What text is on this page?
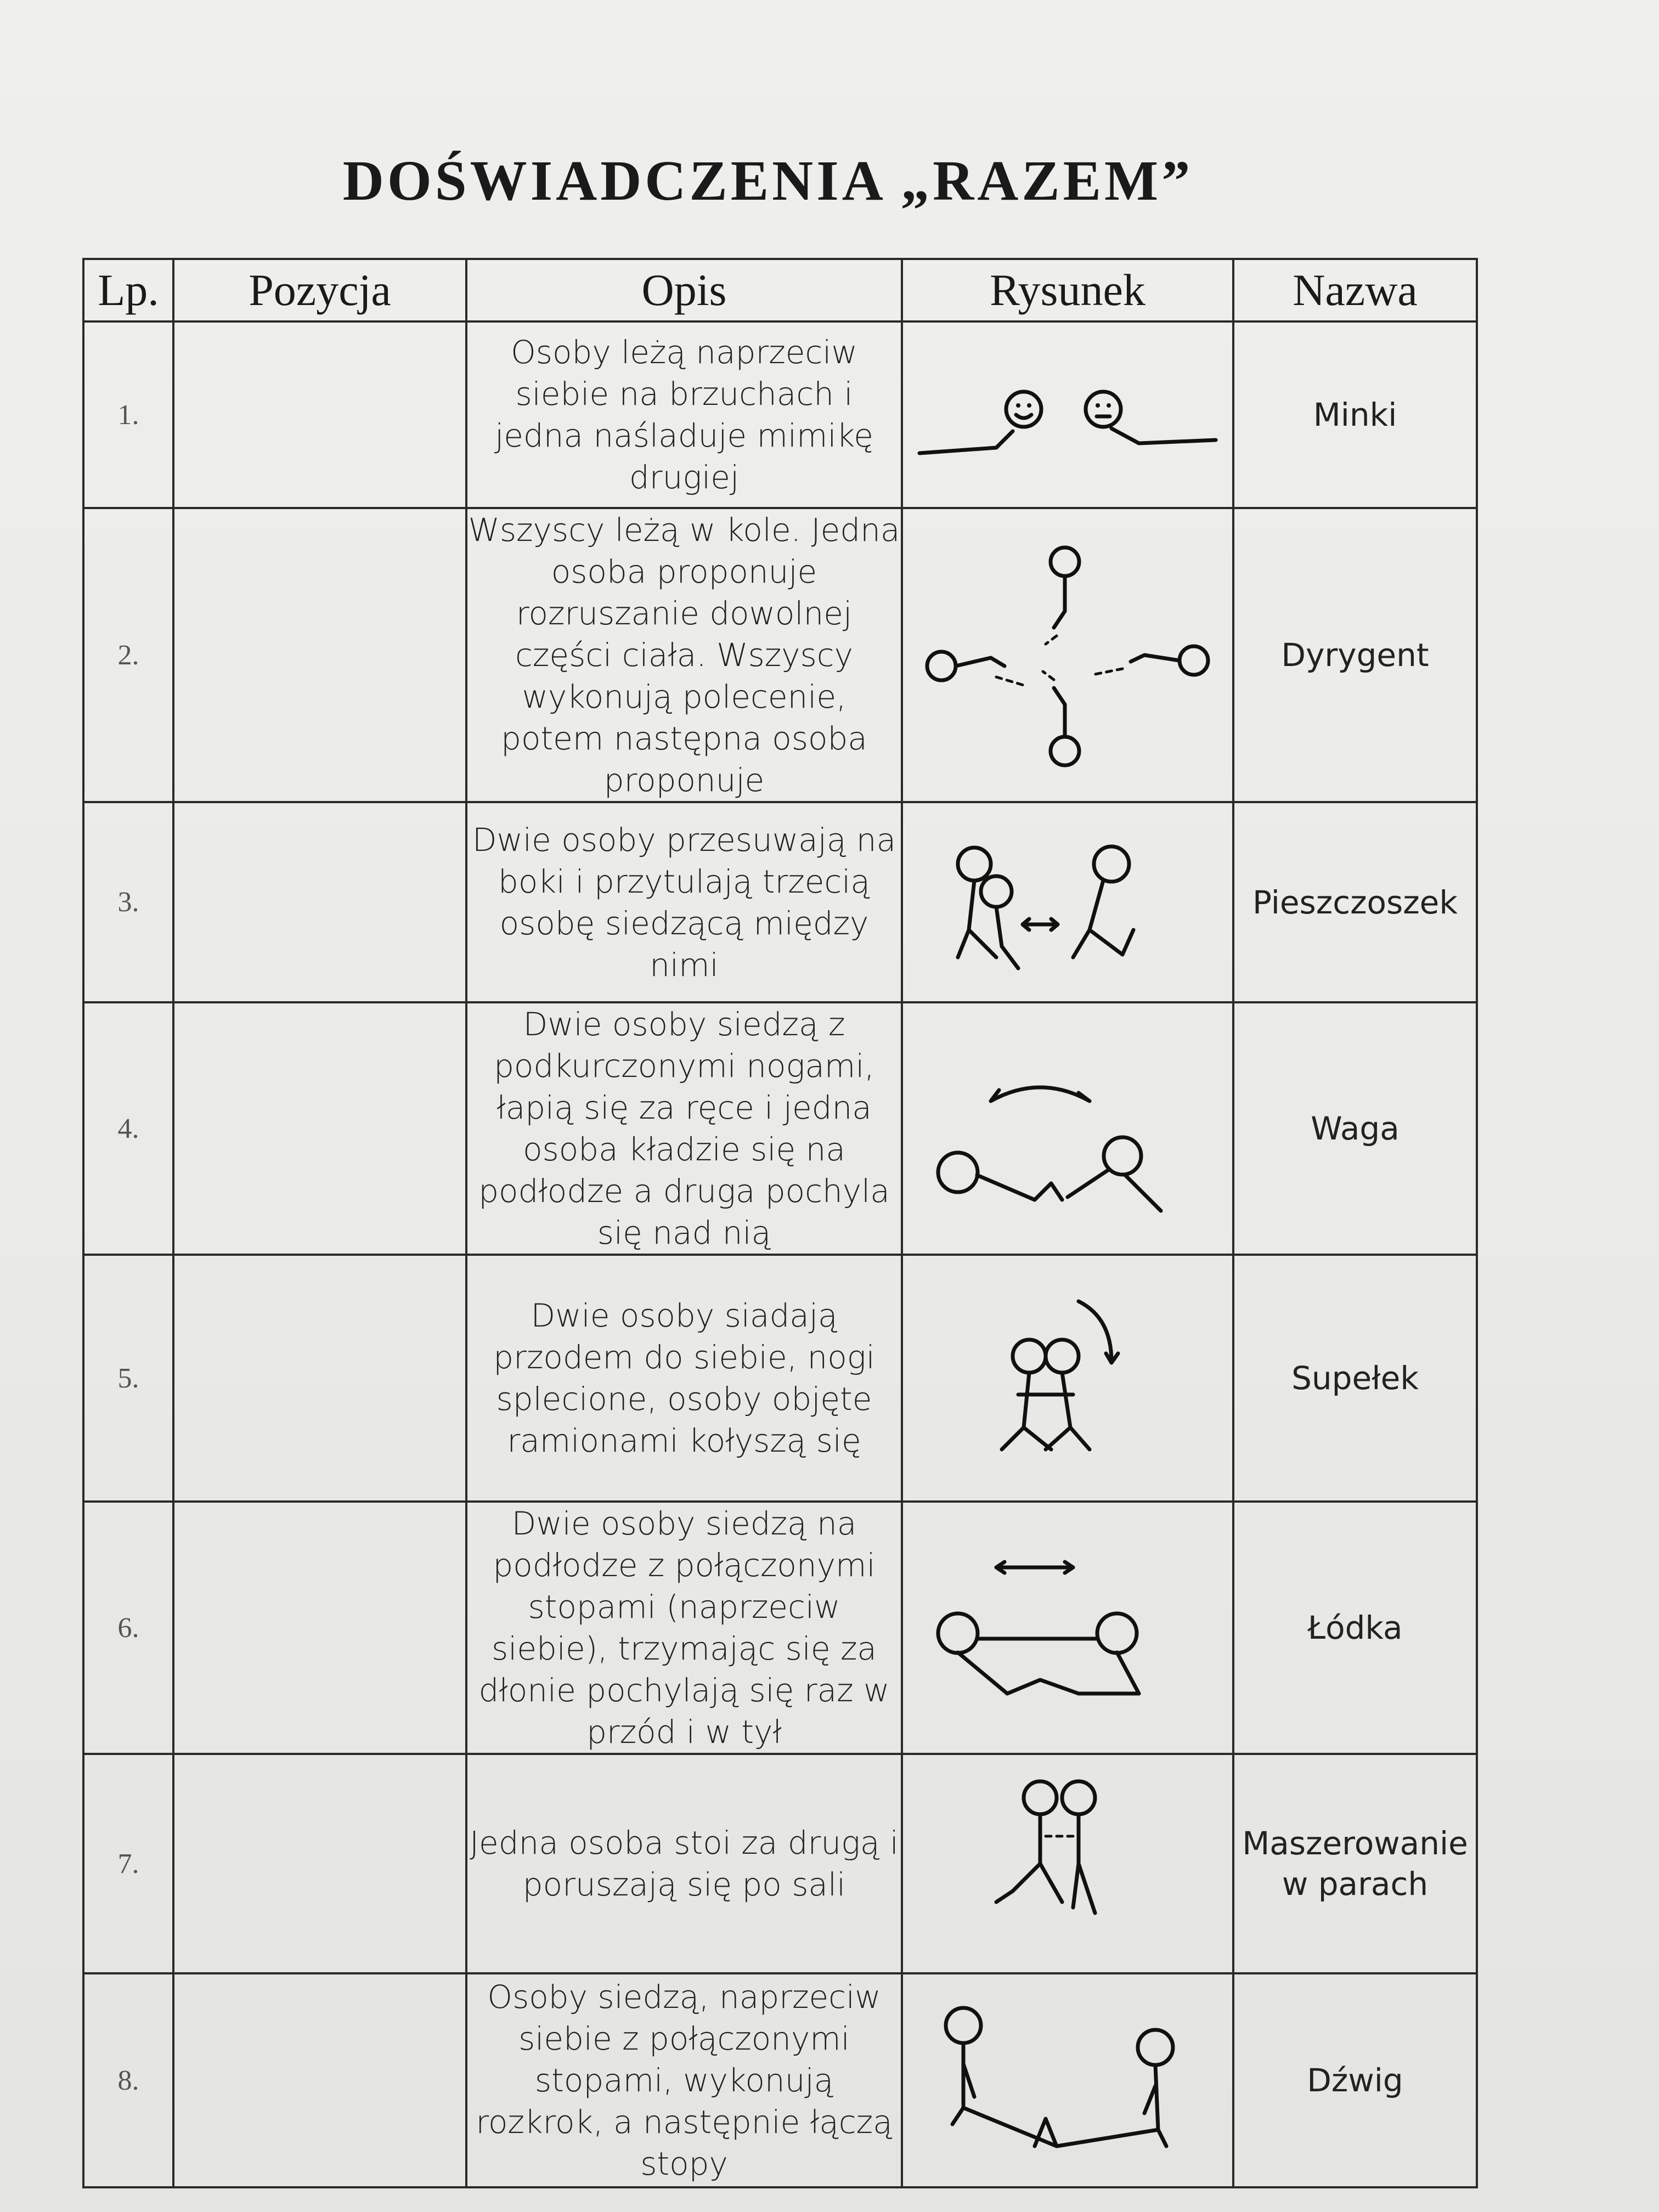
DOŚWIADCZENIA „RAZEM”
Lp.	Pozycja	Opis	Rysunek	Nazwa
1.		Osoby leżą naprzeciw siebie na brzuchach i jedna naśladuje mimikę drugiej		Minki
2.		Wszyscy leżą w kole. Jedna osoba proponuje rozruszanie dowolnej części ciała. Wszyscy wykonują polecenie, potem następna osoba proponuje		Dyrygent
3.		Dwie osoby przesuwają na boki i przytulają trzecią osobę siedzącą między nimi		Pieszczoszek
4.		Dwie osoby siedzą z podkurczonymi nogami, łapią się za ręce i jedna osoba kładzie się na podłodze a druga pochyla się nad nią		Waga
5.		Dwie osoby siadają przodem do siebie, nogi splecione, osoby objęte ramionami kołyszą się		Supełek
6.		Dwie osoby siedzą na podłodze z połączonymi stopami (naprzeciw siebie), trzymając się za dłonie pochylają się raz w przód i w tył		Łódka
7.		Jedna osoba stoi za drugą i poruszają się po sali		Maszerowanie w parach
8.		Osoby siedzą, naprzeciw siebie z połączonymi stopami, wykonują rozkrok, a następnie łączą stopy		Dźwig
